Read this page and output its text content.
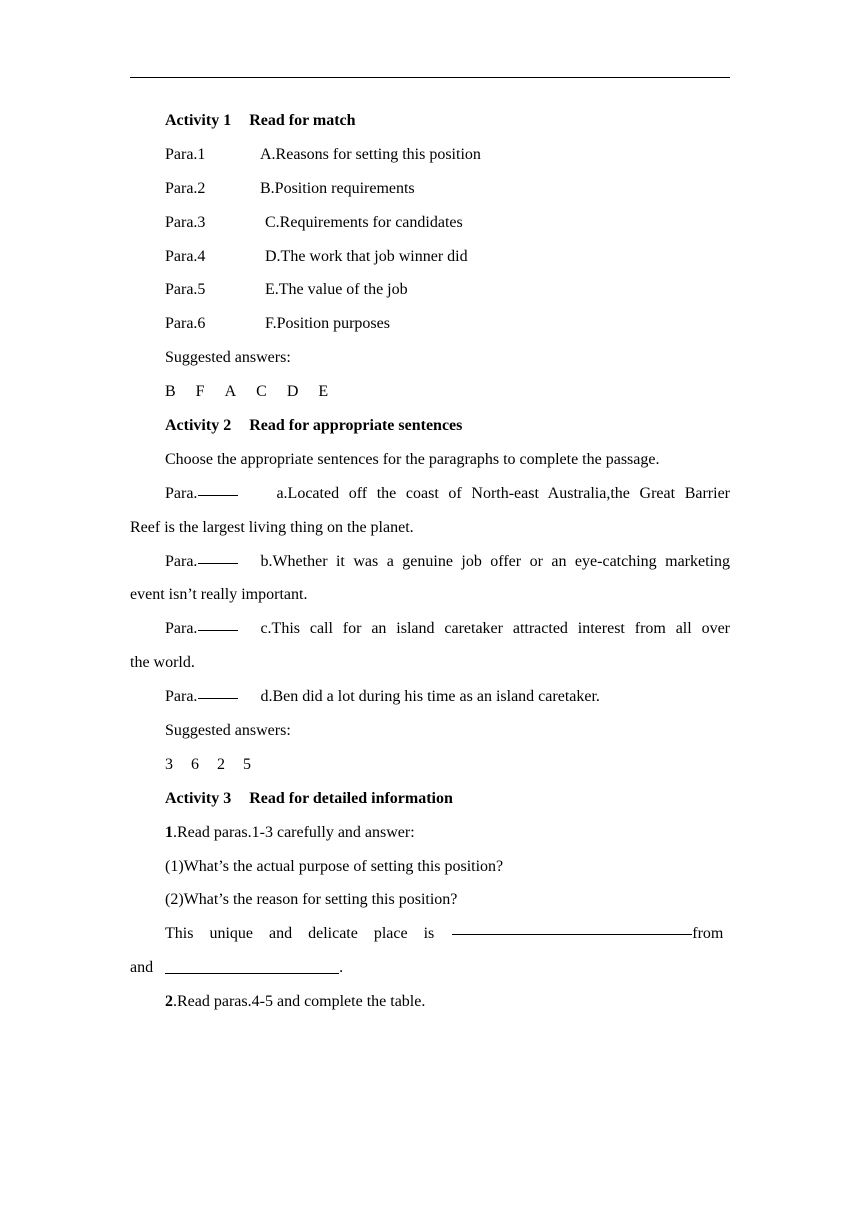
Activity 1 Read for match
Para.1	A.Reasons for setting this position
Para.2	B.Position requirements
Para.3	C.Requirements for candidates
Para.4	D.The work that job winner did
Para.5	E.The value of the job
Para.6	F.Position purposes
Suggested answers:
B F A C D E
Activity 2 Read for appropriate sentences
Choose the appropriate sentences for the paragraphs to complete the passage.
Para.	a.Located off the coast of North-east Australia,the Great Barrier
Reef is the largest living thing on the planet.
Para.	b.Whether it was a genuine job offer or an eye-catching marketing
event isn’t really important.
Para.	c.This call for an island caretaker attracted interest from all over
the world.
Para.	d.Ben did a lot during his time as an island caretaker.
Suggested answers:
3 6 2 5
Activity 3 Read for detailed information
1.Read paras.1-3 carefully and answer:
(1)What’s the actual purpose of setting this position?
(2)What’s the reason for setting this position?
This unique and delicate place is	from
and	.
2.Read paras.4-5 and complete the table.
